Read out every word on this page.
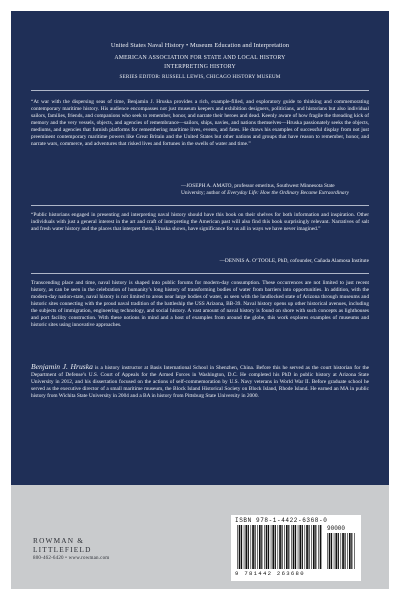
United States Naval History • Museum Education and Interpretation
AMERICAN ASSOCIATION FOR STATE AND LOCAL HISTORY
INTERPRETING HISTORY
SERIES EDITOR: RUSSELL LEWIS, CHICAGO HISTORY MUSEUM

“At war with the dispersing seas of time, Benjamin J. Hruska provides a rich, example-filled, and exploratory guide to thinking and commemorating contemporary maritime history. His audience encompasses not just museum keepers and exhibition designers, politicians, and historians but also individual sailors, families, friends, and companions who seek to remember, honor, and narrate their heroes and dead. Keenly aware of how fragile the threading kick of memory and the very vessels, objects, and agencies of remembrance—sailors, ships, navies, and nations themselves—Hruska passionately seeks the objects, mediums, and agencies that furnish platforms for remembering maritime lives, events, and fates. He draws his examples of successful display from not just preeminent contemporary maritime powers like Great Britain and the United States but other nations and groups that have reason to remember, honor, and narrate wars, commerce, and adventures that risked lives and fortunes in the swells of water and time.”

—JOSEPH A. AMATO, professor emeritus, Southwest Minnesota State
University; author of Everyday Life: How the Ordinary Became Extraordinary

“Public historians engaged in presenting and interpreting naval history should have this book on their shelves for both information and inspiration. Other individuals with just a general interest in the art and craft of interpreting the American past will also find this book surprisingly relevant. Narratives of salt and fresh water history and the places that interpret them, Hruska shows, have significance for us all in ways we have never imagined.”

—DENNIS A. O’TOOLE, PhD, cofounder, Cañada Alamosa Institute

Transcending place and time, naval history is shaped into public forums for modern-day consumption. These occurrences are not limited to just recent history, as can be seen in the celebration of humanity’s long history of transforming bodies of water from barriers into opportunities. In addition, with the modern-day nation-state, naval history is not limited to areas near large bodies of water, as seen with the landlocked state of Arizona through museums and historic sites connecting with the proud naval tradition of the battleship the USS Arizona, BB-39. Naval history opens up other historical avenues, including the subjects of immigration, engineering technology, and social history. A vast amount of naval history is found on shore with such concepts as lighthouses and port facility construction. With these notions in mind and a host of examples from around the globe, this work explores examples of museums and historic sites using innovative approaches.

Benjamin J. Hruska is a history instructor at Basis International School in Shenzhen, China. Before this he served as the court historian for the Department of Defense’s U.S. Court of Appeals for the Armed Forces in Washington, D.C. He completed his PhD in public history at Arizona State University in 2012, and his dissertation focused on the actions of self-commemoration by U.S. Navy veterans in World War II. Before graduate school he served as the executive director of a small maritime museum, the Block Island Historical Society on Block Island, Rhode Island. He earned an MA in public history from Wichita State University in 2004 and a BA in history from Pittsburg State University in 2000.

ROWMAN &
LITTLEFIELD
800-462-6420 • www.rowman.com
ISBN 978-1-4422-6368-0
90000
9 781442 263680
